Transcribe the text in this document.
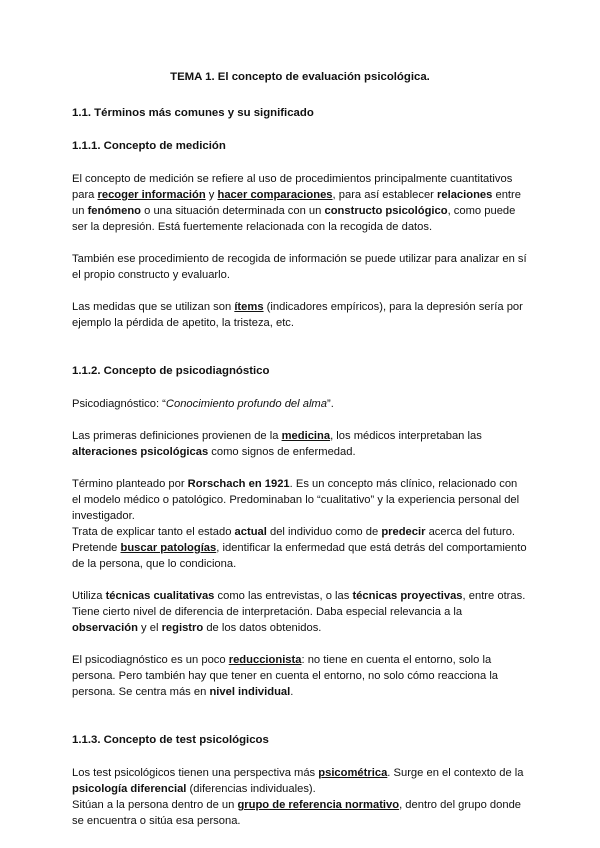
TEMA 1. El concepto de evaluación psicológica.
1.1. Términos más comunes y su significado
1.1.1. Concepto de medición

El concepto de medición se refiere al uso de procedimientos principalmente cuantitativos para recoger información y hacer comparaciones, para así establecer relaciones entre un fenómeno o una situación determinada con un constructo psicológico, como puede ser la depresión. Está fuertemente relacionada con la recogida de datos.

También ese procedimiento de recogida de información se puede utilizar para analizar en sí el propio constructo y evaluarlo.

Las medidas que se utilizan son ítems (indicadores empíricos), para la depresión sería por ejemplo la pérdida de apetito, la tristeza, etc.

1.1.2. Concepto de psicodiagnóstico

Psicodiagnóstico: “Conocimiento profundo del alma”.

Las primeras definiciones provienen de la medicina, los médicos interpretaban las alteraciones psicológicas como signos de enfermedad.

Término planteado por Rorschach en 1921. Es un concepto más clínico, relacionado con el modelo médico o patológico. Predominaban lo “cualitativo” y la experiencia personal del investigador.

Trata de explicar tanto el estado actual del individuo como de predecir acerca del futuro.

Pretende buscar patologías, identificar la enfermedad que está detrás del comportamiento de la persona, que lo condiciona.

Utiliza técnicas cualitativas como las entrevistas, o las técnicas proyectivas, entre otras. Tiene cierto nivel de diferencia de interpretación. Daba especial relevancia a la observación y el registro de los datos obtenidos.

El psicodiagnóstico es un poco reduccionista: no tiene en cuenta el entorno, solo la persona. Pero también hay que tener en cuenta el entorno, no solo cómo reacciona la persona. Se centra más en nivel individual.

1.1.3. Concepto de test psicológicos

Los test psicológicos tienen una perspectiva más psicométrica. Surge en el contexto de la psicología diferencial (diferencias individuales).

Sitúan a la persona dentro de un grupo de referencia normativo, dentro del grupo donde se encuentra o sitúa esa persona.
